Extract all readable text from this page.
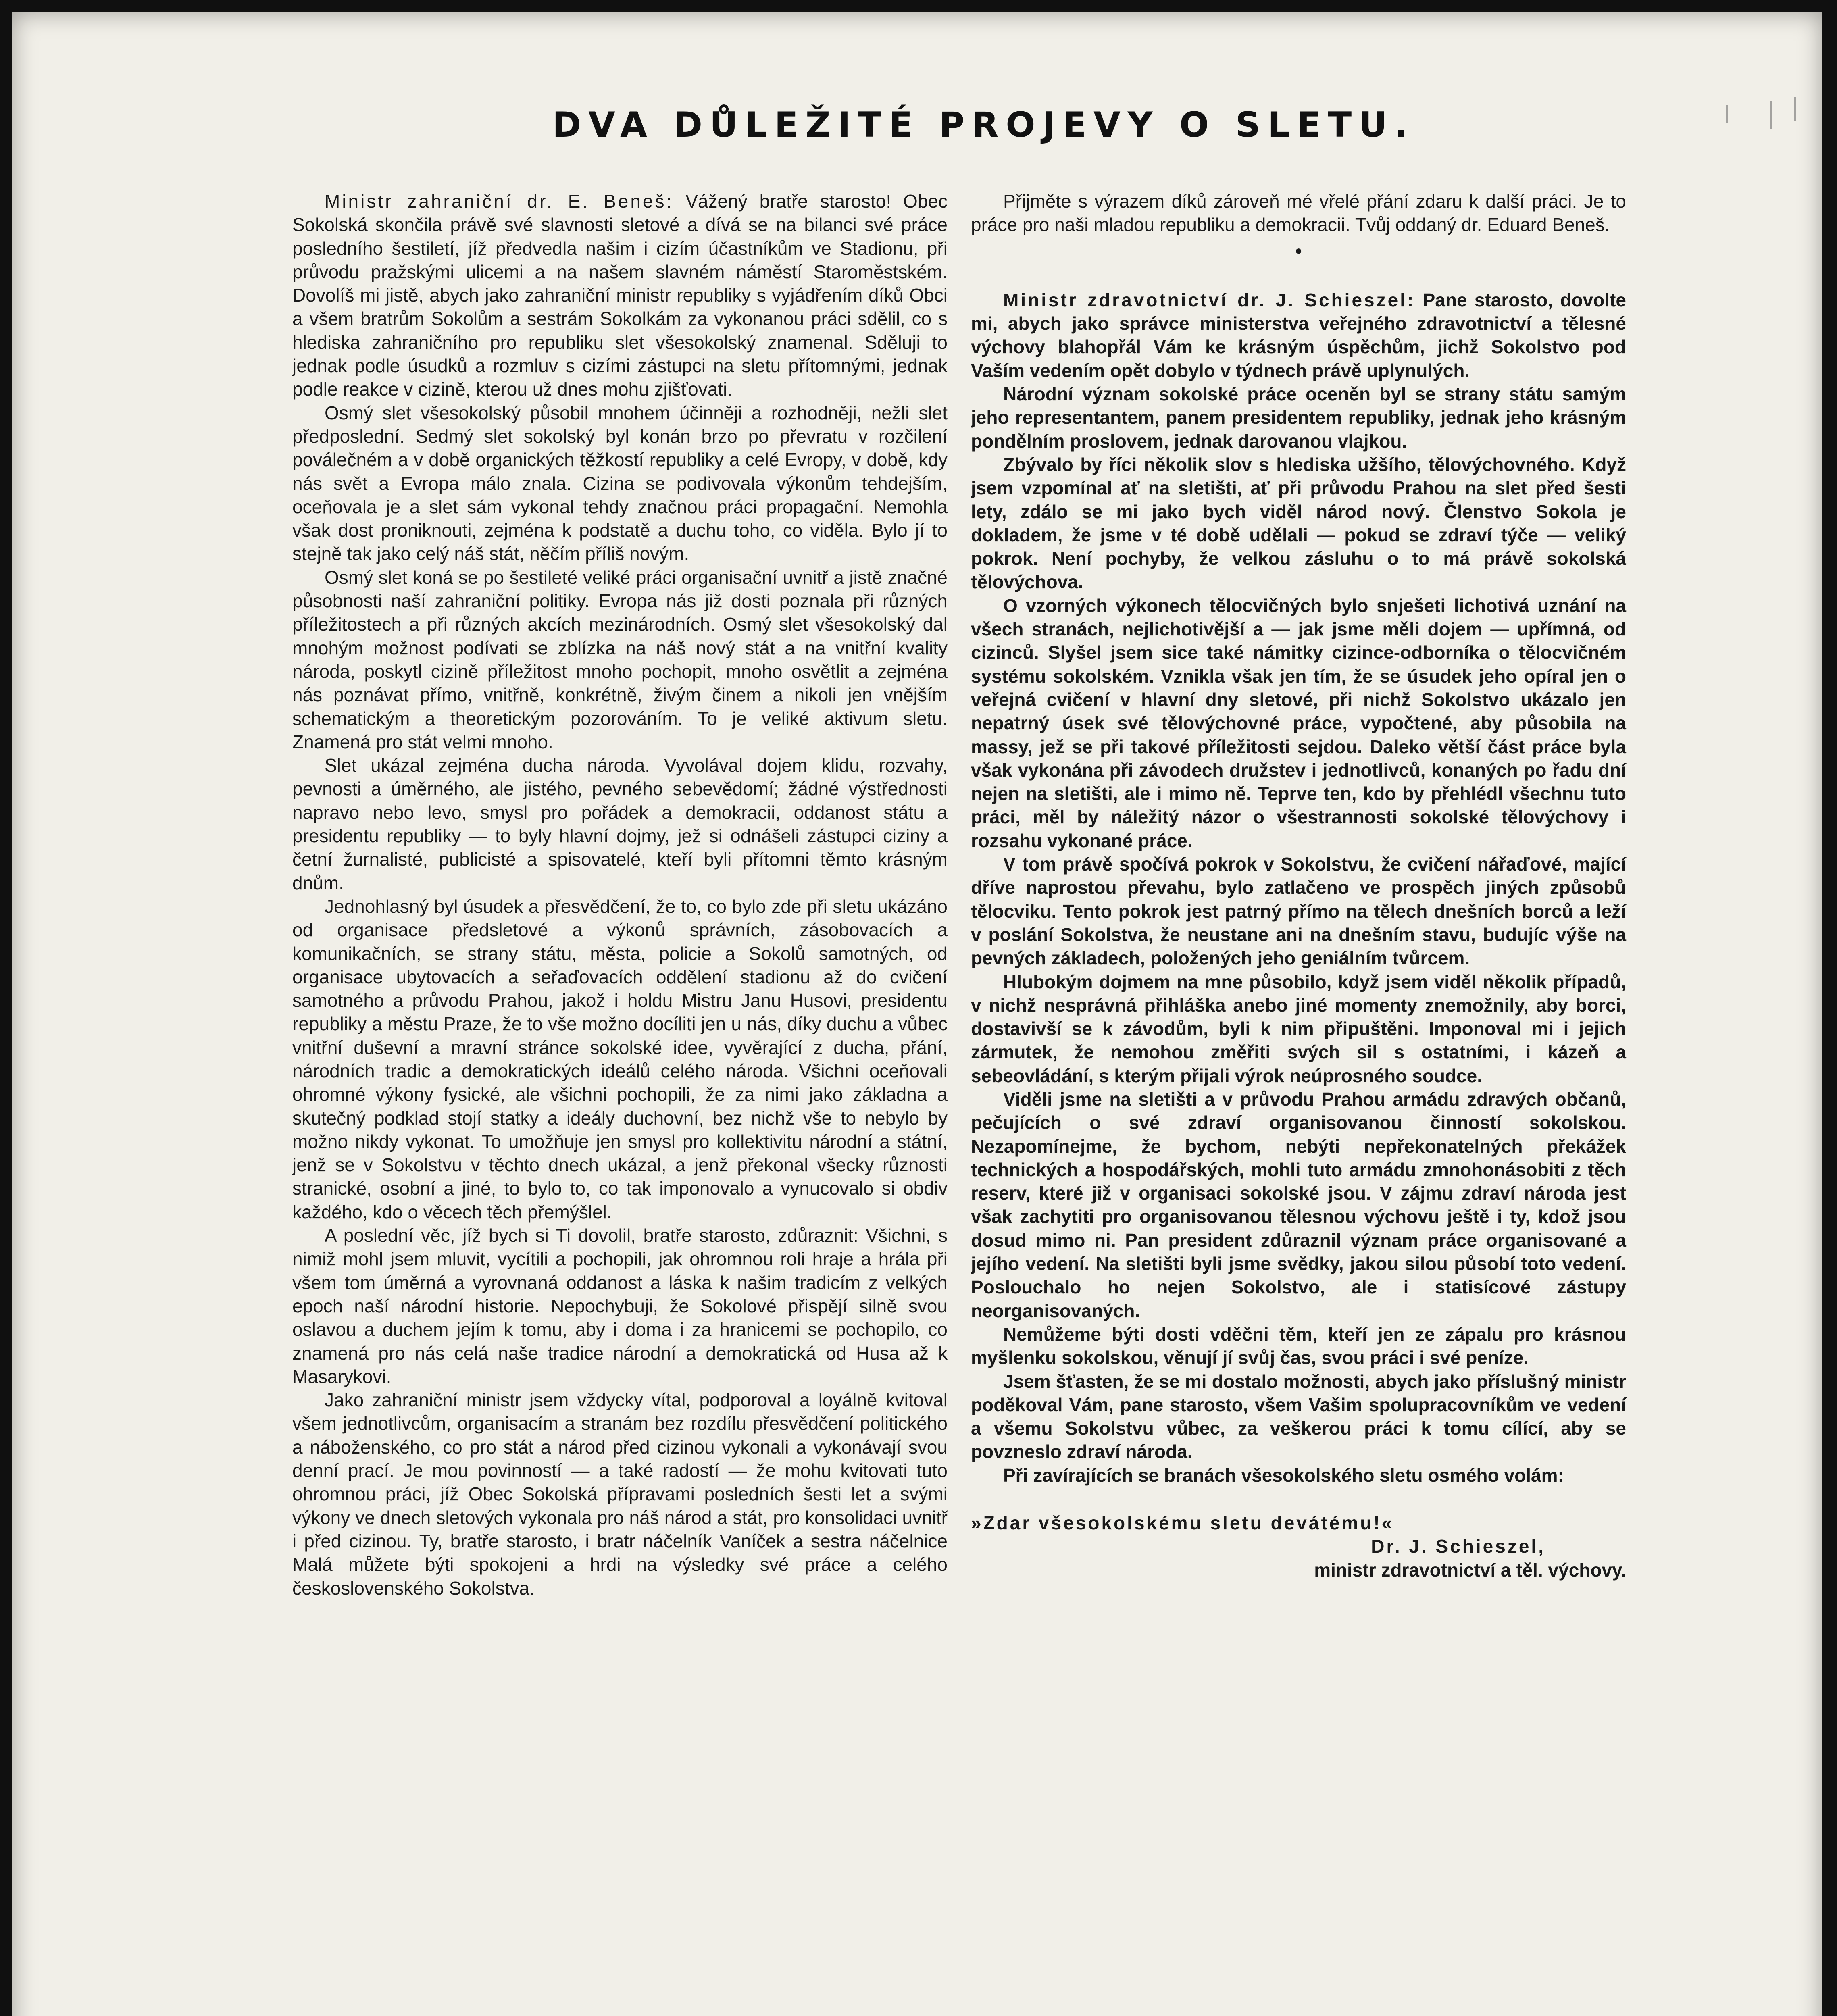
DVA DŮLEŽITÉ PROJEVY O SLETU.

Ministr zahraniční dr. E. Beneš: Vážený bratře starosto! Obec Sokolská skončila právě své slavnosti sletové a dívá se na bilanci své práce posledního šestiletí, jíž předvedla našim i cizím účastníkům ve Stadionu, při průvodu pražskými ulicemi a na našem slavném náměstí Staroměstském. Dovolíš mi jistě, abych jako zahraniční ministr republiky s vyjádřením díků Obci a všem bratrům Sokolům a sestrám Sokolkám za vykonanou práci sdělil, co s hlediska zahraničního pro republiku slet všesokolský znamenal. Sděluji to jednak podle úsudků a rozmluv s cizími zástupci na sletu přítomnými, jednak podle reakce v cizině, kterou už dnes mohu zjišťovati.

Osmý slet všesokolský působil mnohem účinněji a rozhodněji, nežli slet předposlední. Sedmý slet sokolský byl konán brzo po převratu v rozčilení poválečném a v době organických těžkostí republiky a celé Evropy, v době, kdy nás svět a Evropa málo znala. Cizina se podivovala výkonům tehdejším, oceňovala je a slet sám vykonal tehdy značnou práci propagační. Nemohla však dost proniknouti, zejména k podstatě a duchu toho, co viděla. Bylo jí to stejně tak jako celý náš stát, něčím příliš novým.

Osmý slet koná se po šestileté veliké práci organisační uvnitř a jistě značné působnosti naší zahraniční politiky. Evropa nás již dosti poznala při různých příležitostech a při různých akcích mezinárodních. Osmý slet všesokolský dal mnohým možnost podívati se zblízka na náš nový stát a na vnitřní kvality národa, poskytl cizině příležitost mnoho pochopit, mnoho osvětlit a zejména nás poznávat přímo, vnitřně, konkrétně, živým činem a nikoli jen vnějším schematickým a theoretickým pozorováním. To je veliké aktivum sletu. Znamená pro stát velmi mnoho.

Slet ukázal zejména ducha národa. Vyvolával dojem klidu, rozvahy, pevnosti a úměrného, ale jistého, pevného sebevědomí; žádné výstřednosti napravo nebo levo, smysl pro pořádek a demokracii, oddanost státu a presidentu republiky — to byly hlavní dojmy, jež si odnášeli zástupci ciziny a četní žurnalisté, publicisté a spisovatelé, kteří byli přítomni těmto krásným dnům.

Jednohlasný byl úsudek a přesvědčení, že to, co bylo zde při sletu ukázáno od organisace předsletové a výkonů správních, zásobovacích a komunikačních, se strany státu, města, policie a Sokolů samotných, od organisace ubytovacích a seřaďovacích oddělení stadionu až do cvičení samotného a průvodu Prahou, jakož i holdu Mistru Janu Husovi, presidentu republiky a městu Praze, že to vše možno docíliti jen u nás, díky duchu a vůbec vnitřní duševní a mravní stránce sokolské idee, vyvěrající z ducha, přání, národních tradic a demokratických ideálů celého národa. Všichni oceňovali ohromné výkony fysické, ale všichni pochopili, že za nimi jako základna a skutečný podklad stojí statky a ideály duchovní, bez nichž vše to nebylo by možno nikdy vykonat. To umožňuje jen smysl pro kollektivitu národní a státní, jenž se v Sokolstvu v těchto dnech ukázal, a jenž překonal všecky různosti stranické, osobní a jiné, to bylo to, co tak imponovalo a vynucovalo si obdiv každého, kdo o věcech těch přemýšlel.

A poslední věc, jíž bych si Ti dovolil, bratře starosto, zdůraznit: Všichni, s nimiž mohl jsem mluvit, vycítili a pochopili, jak ohromnou roli hraje a hrála při všem tom úměrná a vyrovnaná oddanost a láska k našim tradicím z velkých epoch naší národní historie. Nepochybuji, že Sokolové přispějí silně svou oslavou a duchem jejím k tomu, aby i doma i za hranicemi se pochopilo, co znamená pro nás celá naše tradice národní a demokratická od Husa až k Masarykovi.

Jako zahraniční ministr jsem vždycky vítal, podporoval a loyálně kvitoval všem jednotlivcům, organisacím a stranám bez rozdílu přesvědčení politického a náboženského, co pro stát a národ před cizinou vykonali a vykonávají svou denní prací. Je mou povinností — a také radostí — že mohu kvitovati tuto ohromnou práci, jíž Obec Sokolská přípravami posledních šesti let a svými výkony ve dnech sletových vykonala pro náš národ a stát, pro konsolidaci uvnitř i před cizinou. Ty, bratře starosto, i bratr náčelník Vaníček a sestra náčelnice Malá můžete býti spokojeni a hrdi na výsledky své práce a celého československého Sokolstva.

Přijměte s výrazem díků zároveň mé vřelé přání zdaru k další práci. Je to práce pro naši mladou republiku a demokracii. Tvůj oddaný dr. Eduard Beneš.

•

Ministr zdravotnictví dr. J. Schieszel: Pane starosto, dovolte mi, abych jako správce ministerstva veřejného zdravotnictví a tělesné výchovy blahopřál Vám ke krásným úspěchům, jichž Sokolstvo pod Vaším vedením opět dobylo v týdnech právě uplynulých.

Národní význam sokolské práce oceněn byl se strany státu samým jeho representantem, panem presidentem republiky, jednak jeho krásným pondělním proslovem, jednak darovanou vlajkou.

Zbývalo by říci několik slov s hlediska užšího, tělovýchovného. Když jsem vzpomínal ať na sletišti, ať při průvodu Prahou na slet před šesti lety, zdálo se mi jako bych viděl národ nový. Členstvo Sokola je dokladem, že jsme v té době udělali — pokud se zdraví týče — veliký pokrok. Není pochyby, že velkou zásluhu o to má právě sokolská tělovýchova.

O vzorných výkonech tělocvičných bylo snješeti lichotivá uznání na všech stranách, nejlichotivější a — jak jsme měli dojem — upřímná, od cizinců. Slyšel jsem sice také námitky cizince-odborníka o tělocvičném systému sokolském. Vznikla však jen tím, že se úsudek jeho opíral jen o veřejná cvičení v hlavní dny sletové, při nichž Sokolstvo ukázalo jen nepatrný úsek své tělovýchovné práce, vypočtené, aby působila na massy, jež se při takové příležitosti sejdou. Daleko větší část práce byla však vykonána při závodech družstev i jednotlivců, konaných po řadu dní nejen na sletišti, ale i mimo ně. Teprve ten, kdo by přehlédl všechnu tuto práci, měl by náležitý názor o všestrannosti sokolské tělovýchovy i rozsahu vykonané práce.

V tom právě spočívá pokrok v Sokolstvu, že cvičení nářaďové, mající dříve naprostou převahu, bylo zatlačeno ve prospěch jiných způsobů tělocviku. Tento pokrok jest patrný přímo na tělech dnešních borců a leží v poslání Sokolstva, že neustane ani na dnešním stavu, budujíc výše na pevných základech, položených jeho geniálním tvůrcem.

Hlubokým dojmem na mne působilo, když jsem viděl několik případů, v nichž nesprávná přihláška anebo jiné momenty znemožnily, aby borci, dostavivší se k závodům, byli k nim připuštěni. Imponoval mi i jejich zármutek, že nemohou změřiti svých sil s ostatními, i kázeň a sebeovládání, s kterým přijali výrok neúprosného soudce.

Viděli jsme na sletišti a v průvodu Prahou armádu zdravých občanů, pečujících o své zdraví organisovanou činností sokolskou. Nezapomínejme, že bychom, nebýti nepřekonatelných překážek technických a hospodářských, mohli tuto armádu zmnohonásobiti z těch reserv, které již v organisaci sokolské jsou. V zájmu zdraví národa jest však zachytiti pro organisovanou tělesnou výchovu ještě i ty, kdož jsou dosud mimo ni. Pan president zdůraznil význam práce organisované a jejího vedení. Na sletišti byli jsme svědky, jakou silou působí toto vedení. Poslouchalo ho nejen Sokolstvo, ale i statisícové zástupy neorganisovaných.

Nemůžeme býti dosti vděčni těm, kteří jen ze zápalu pro krásnou myšlenku sokolskou, věnují jí svůj čas, svou práci i své peníze.

Jsem šťasten, že se mi dostalo možnosti, abych jako příslušný ministr poděkoval Vám, pane starosto, všem Vašim spolupracovníkům ve vedení a všemu Sokolstvu vůbec, za veškerou práci k tomu cílící, aby se povzneslo zdraví národa.

Při zavírajících se branách všesokolského sletu osmého volám:

»Zdar všesokolskému sletu devátému!«

Dr. J. Schieszel,

ministr zdravotnictví a těl. výchovy.
